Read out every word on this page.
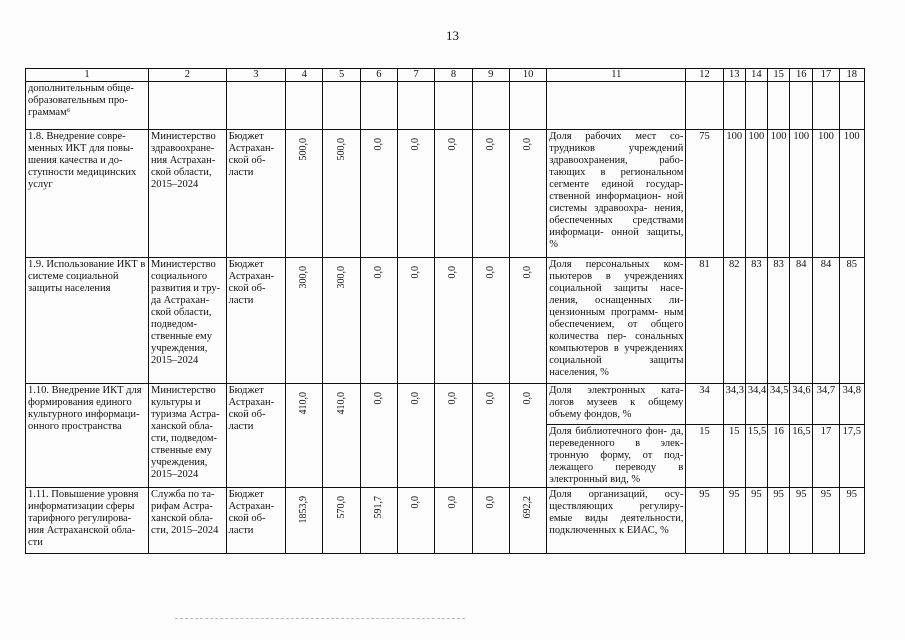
13
1	2	3	4	5	6	7	8	9	10	11	12	13	14	15	16	17	18
дополнительным обще- образовательным про- граммам⁶																	
1.8. Внедрение совре- менных ИКТ для повы- шения качества и до- ступности медицинских услуг	Министерство здравоохране- ния Астрахан- ской области, 2015–2024	Бюджет Астрахан- ской об- ласти	500,0	500,0	0,0	0,0	0,0	0,0	0,0	Доля рабочих мест со- трудников учреждений здравоохранения, рабо- тающих в региональном сегменте единой государ- ственной информацион- ной системы здравоохра- нения, обеспеченных средствами информаци- онной защиты, %	75	100	100	100	100	100	100
1.9. Использование ИКТ в системе социальной защиты населения	Министерство социального развития и тру- да Астрахан- ской области, подведом- ственные ему учреждения, 2015–2024	Бюджет Астрахан- ской об- ласти	300,0	300,0	0,0	0,0	0,0	0,0	0,0	Доля персональных ком- пьютеров в учреждениях социальной защиты насе- ления, оснащенных ли- цензионным программ- ным обеспечением, от общего количества пер- сональных компьютеров в учреждениях социальной защиты населения, %	81	82	83	83	84	84	85
1.10. Внедрение ИКТ для формирования единого культурного информаци- онного пространства	Министерство культуры и туризма Астра- ханской обла- сти, подведом- ственные ему учреждения, 2015–2024	Бюджет Астрахан- ской об- ласти	410,0	410,0	0,0	0,0	0,0	0,0	0,0	Доля электронных ката- логов музеев к общему объему фондов, %	34	34,3	34,4	34,5	34,6	34,7	34,8
										Доля библиотечного фон- да, переведенного в элек- тронную форму, от под- лежащего переводу в электронный вид, %	15	15	15,5	16	16,5	17	17,5
1.11. Повышение уровня информатизации сферы тарифного регулирова- ния Астраханской обла- сти	Служба по та- рифам Астра- ханской обла- сти, 2015–2024	Бюджет Астрахан- ской об- ласти	1853,9	570,0	591,7	0,0	0,0	0,0	692,2	Доля организаций, осу- ществляющих регулиру- емые виды деятельности, подключенных к ЕИАС, %	95	95	95	95	95	95	95
